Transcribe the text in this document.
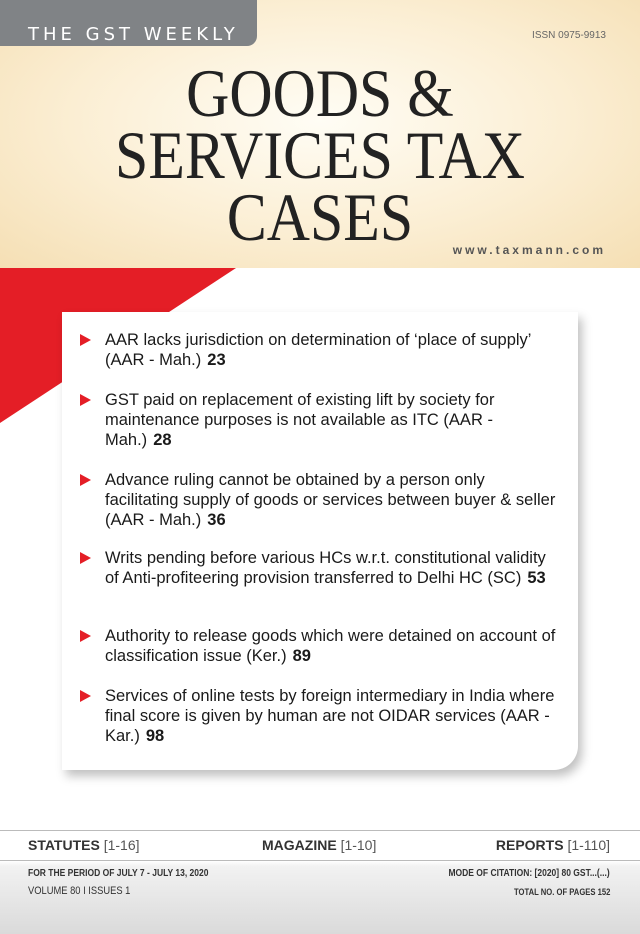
THE GST WEEKLY	ISSN 0975-9913
GOODS &
SERVICES TAX
CASES	www.taxmann.com
AAR lacks jurisdiction on determination of ‘place of supply’ (AAR - Mah.) 23
GST paid on replacement of existing lift by society for maintenance purposes is not available as ITC (AAR - Mah.) 28
Advance ruling cannot be obtained by a person only facilitating supply of goods or services between buyer & seller (AAR - Mah.) 36
Writs pending before various HCs w.r.t. constitutional validity of Anti-profiteering provision transferred to Delhi HC (SC) 53
Authority to release goods which were detained on account of classification issue (Ker.) 89
Services of online tests by foreign intermediary in India where final score is given by human are not OIDAR services (AAR - Kar.) 98
STATUTES [1-16]	MAGAZINE [1-10]	REPORTS [1-110]
FOR THE PERIOD OF JULY 7 - JULY 13, 2020
VOLUME 80 I ISSUES 1
MODE OF CITATION: [2020] 80 GST...(...)
TOTAL NO. OF PAGES 152
